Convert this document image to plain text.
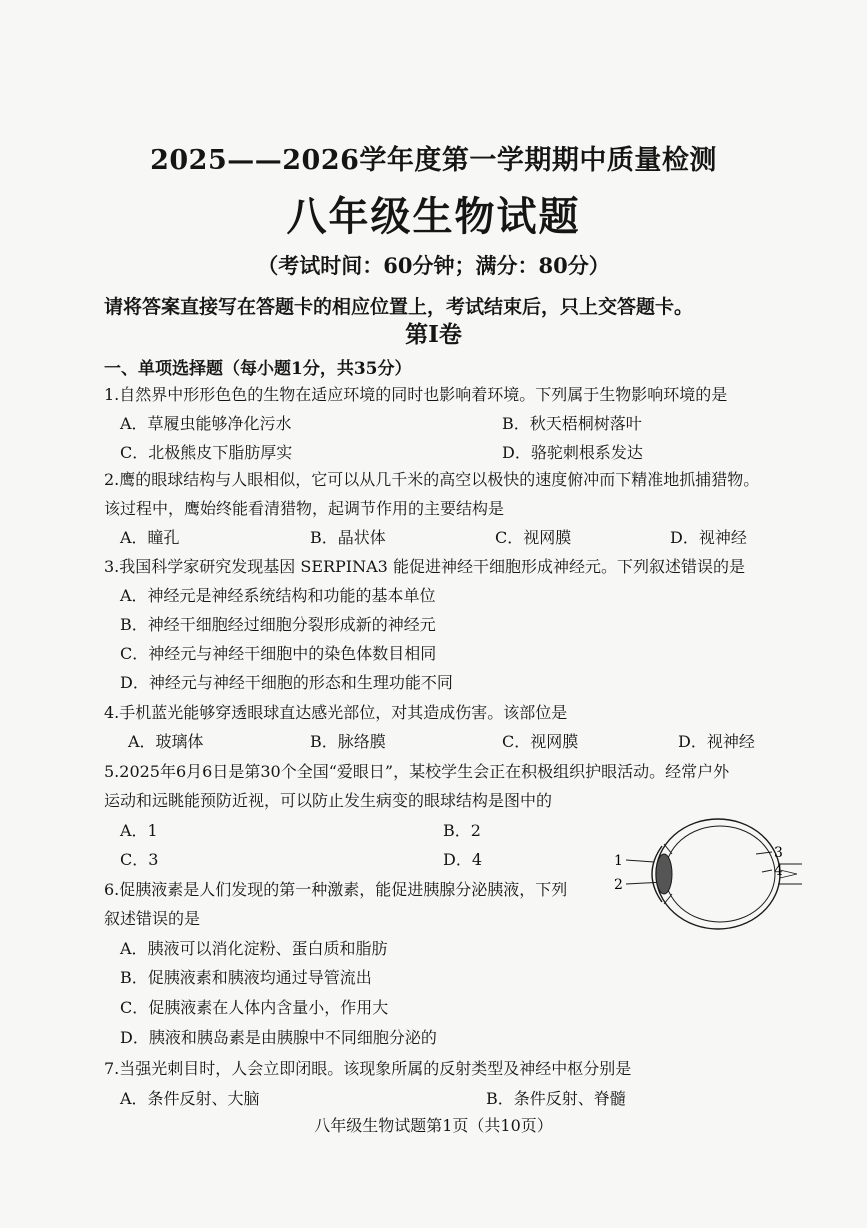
2025——2026学年度第一学期期中质量检测
八年级生物试题
（考试时间：60分钟；满分：80分）
请将答案直接写在答题卡的相应位置上，考试结束后，只上交答题卡。
第Ⅰ卷
一、单项选择题（每小题1分，共35分）
1.自然界中形形色色的生物在适应环境的同时也影响着环境。下列属于生物影响环境的是
A．草履虫能够净化污水	B．秋天梧桐树落叶
C．北极熊皮下脂肪厚实	D．骆驼刺根系发达
2.鹰的眼球结构与人眼相似，它可以从几千米的高空以极快的速度俯冲而下精准地抓捕猎物。
该过程中，鹰始终能看清猎物，起调节作用的主要结构是
A．瞳孔	B．晶状体	C．视网膜	D．视神经
3.我国科学家研究发现基因 SERPINA3 能促进神经干细胞形成神经元。下列叙述错误的是
A．神经元是神经系统结构和功能的基本单位
B．神经干细胞经过细胞分裂形成新的神经元
C．神经元与神经干细胞中的染色体数目相同
D．神经元与神经干细胞的形态和生理功能不同
4.手机蓝光能够穿透眼球直达感光部位，对其造成伤害。该部位是
A．玻璃体	B．脉络膜	C．视网膜	D．视神经
5.2025年6月6日是第30个全国“爱眼日”，某校学生会正在积极组织护眼活动。经常户外
运动和远眺能预防近视，可以防止发生病变的眼球结构是图中的
A．1	B．2
C．3	D．4	1
2
3
4
6.促胰液素是人们发现的第一种激素，能促进胰腺分泌胰液，下列
叙述错误的是
A．胰液可以消化淀粉、蛋白质和脂肪
B．促胰液素和胰液均通过导管流出
C．促胰液素在人体内含量小，作用大
D．胰液和胰岛素是由胰腺中不同细胞分泌的
7.当强光刺目时，人会立即闭眼。该现象所属的反射类型及神经中枢分别是
A．条件反射、大脑	B．条件反射、脊髓
八年级生物试题第1页（共10页）
